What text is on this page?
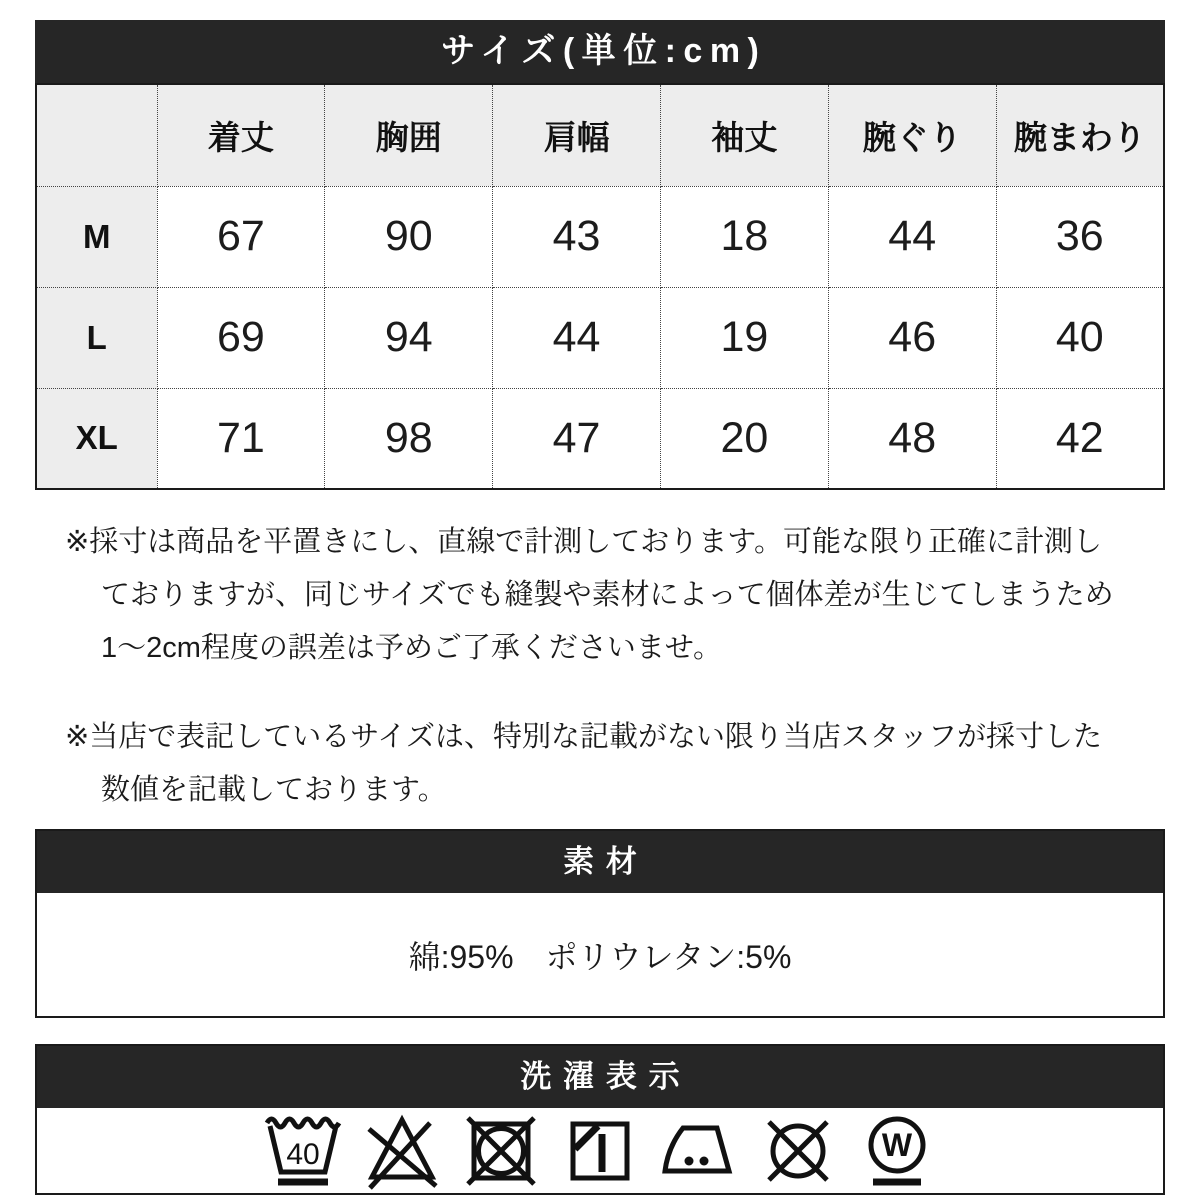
サイズ(単位:cm)
	着丈	胸囲	肩幅	袖丈	腕ぐり	腕まわり
M	67	90	43	18	44	36
L	69	94	44	19	46	40
XL	71	98	47	20	48	42
※採寸は商品を平置きにし、直線で計測しております。可能な限り正確に計測し
ておりますが、同じサイズでも縫製や素材によって個体差が生じてしまうため
1〜2cm程度の誤差は予めご了承くださいませ。
※当店で表記しているサイズは、特別な記載がない限り当店スタッフが採寸した
数値を記載しております。
素材
綿:95%　ポリウレタン:5%
洗濯表示
40	W
